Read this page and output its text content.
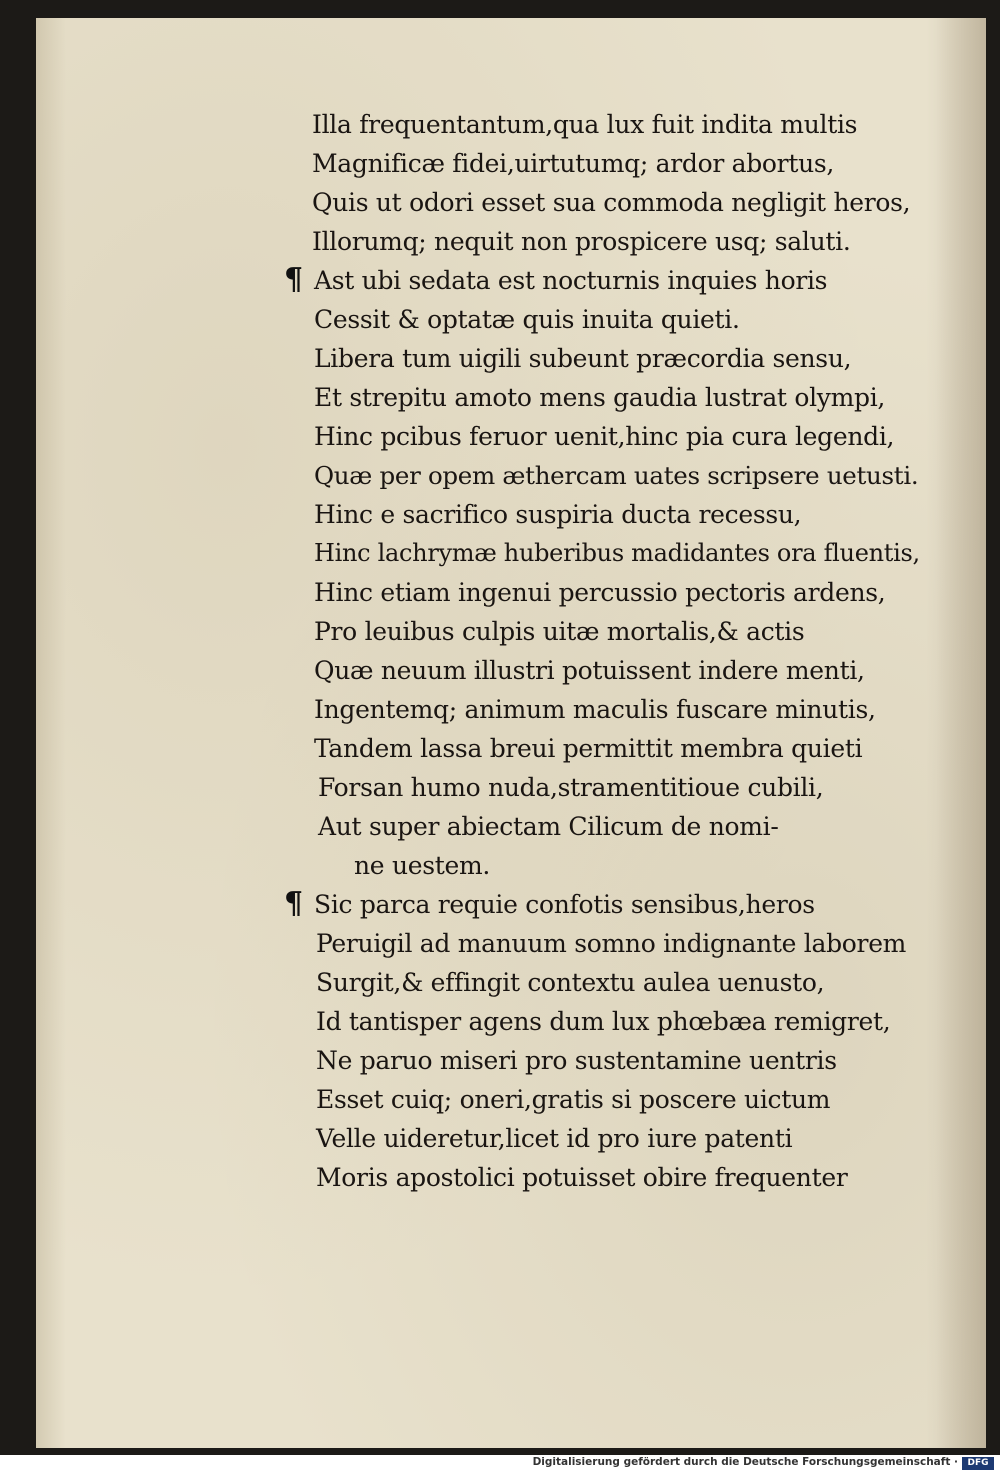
Illa frequentantum,qua lux fuit indita multis
Magnificæ fidei,uirtutumq; ardor abortus,
Quis ut odori esset sua commoda negligit heros,
Illorumq; nequit non prospicere usq; saluti.
¶ Ast ubi sedata est nocturnis inquies horis
Cessit & optatæ quis inuita quieti.
Libera tum uigili subeunt præcordia sensu,
Et strepitu amoto mens gaudia lustrat olympi,
Hinc pcibus feruor uenit,hinc pia cura legendi,
Quæ per opem æthercam uates scripsere uetusti.
Hinc e sacrifico suspiria ducta recessu,
Hinc lachrymæ huberibus madidantes ora fluentis,
Hinc etiam ingenui percussio pectoris ardens,
Pro leuibus culpis uitæ mortalis,& actis
Quæ neuum illustri potuissent indere menti,
Ingentemq; animum maculis fuscare minutis,
Tandem lassa breui permittit membra quieti
Forsan humo nuda,stramentitioue cubili,
Aut super abiectam Cilicum de nomi-
ne uestem.
¶ Sic parca requie confotis sensibus,heros
Peruigil ad manuum somno indignante laborem
Surgit,& effingit contextu aulea uenusto,
Id tantisper agens dum lux phœbæa remigret,
Ne paruo miseri pro sustentamine uentris
Esset cuiq; oneri,gratis si poscere uictum
Velle uideretur,licet id pro iure patenti
Moris apostolici potuisset obire frequenter
Digitalisierung gefördert durch die Deutsche Forschungsgemeinschaft ·	DFG
